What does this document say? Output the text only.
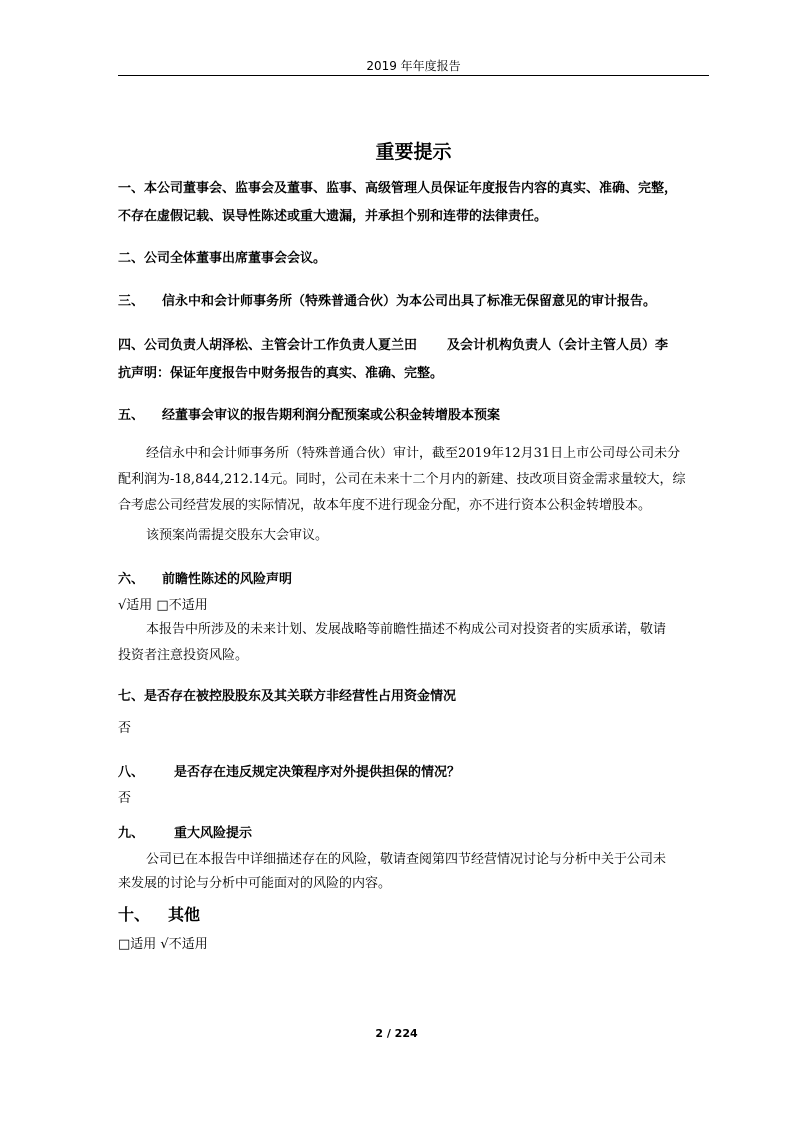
2019 年年度报告
重要提示
一、本公司董事会、监事会及董事、监事、高级管理人员保证年度报告内容的真实、准确、完整，
不存在虚假记载、误导性陈述或重大遗漏，并承担个别和连带的法律责任。
二、公司全体董事出席董事会会议。
三、 信永中和会计师事务所（特殊普通合伙）为本公司出具了标准无保留意见的审计报告。
四、公司负责人胡泽松、主管会计工作负责人夏兰田 及会计机构负责人（会计主管人员）李
抗声明：保证年度报告中财务报告的真实、准确、完整。
五、 经董事会审议的报告期利润分配预案或公积金转增股本预案
经信永中和会计师事务所（特殊普通合伙）审计，截至2019年12月31日上市公司母公司未分
配利润为-18,844,212.14元。同时，公司在未来十二个月内的新建、技改项目资金需求量较大，综
合考虑公司经营发展的实际情况，故本年度不进行现金分配，亦不进行资本公积金转增股本。
该预案尚需提交股东大会审议。
六、 前瞻性陈述的风险声明
√适用 □不适用
本报告中所涉及的未来计划、发展战略等前瞻性描述不构成公司对投资者的实质承诺，敬请
投资者注意投资风险。
七、是否存在被控股股东及其关联方非经营性占用资金情况
否
八、 是否存在违反规定决策程序对外提供担保的情况？
否
九、 重大风险提示
公司已在本报告中详细描述存在的风险，敬请查阅第四节经营情况讨论与分析中关于公司未
来发展的讨论与分析中可能面对的风险的内容。
十、 其他
□适用 √不适用
2 / 224
